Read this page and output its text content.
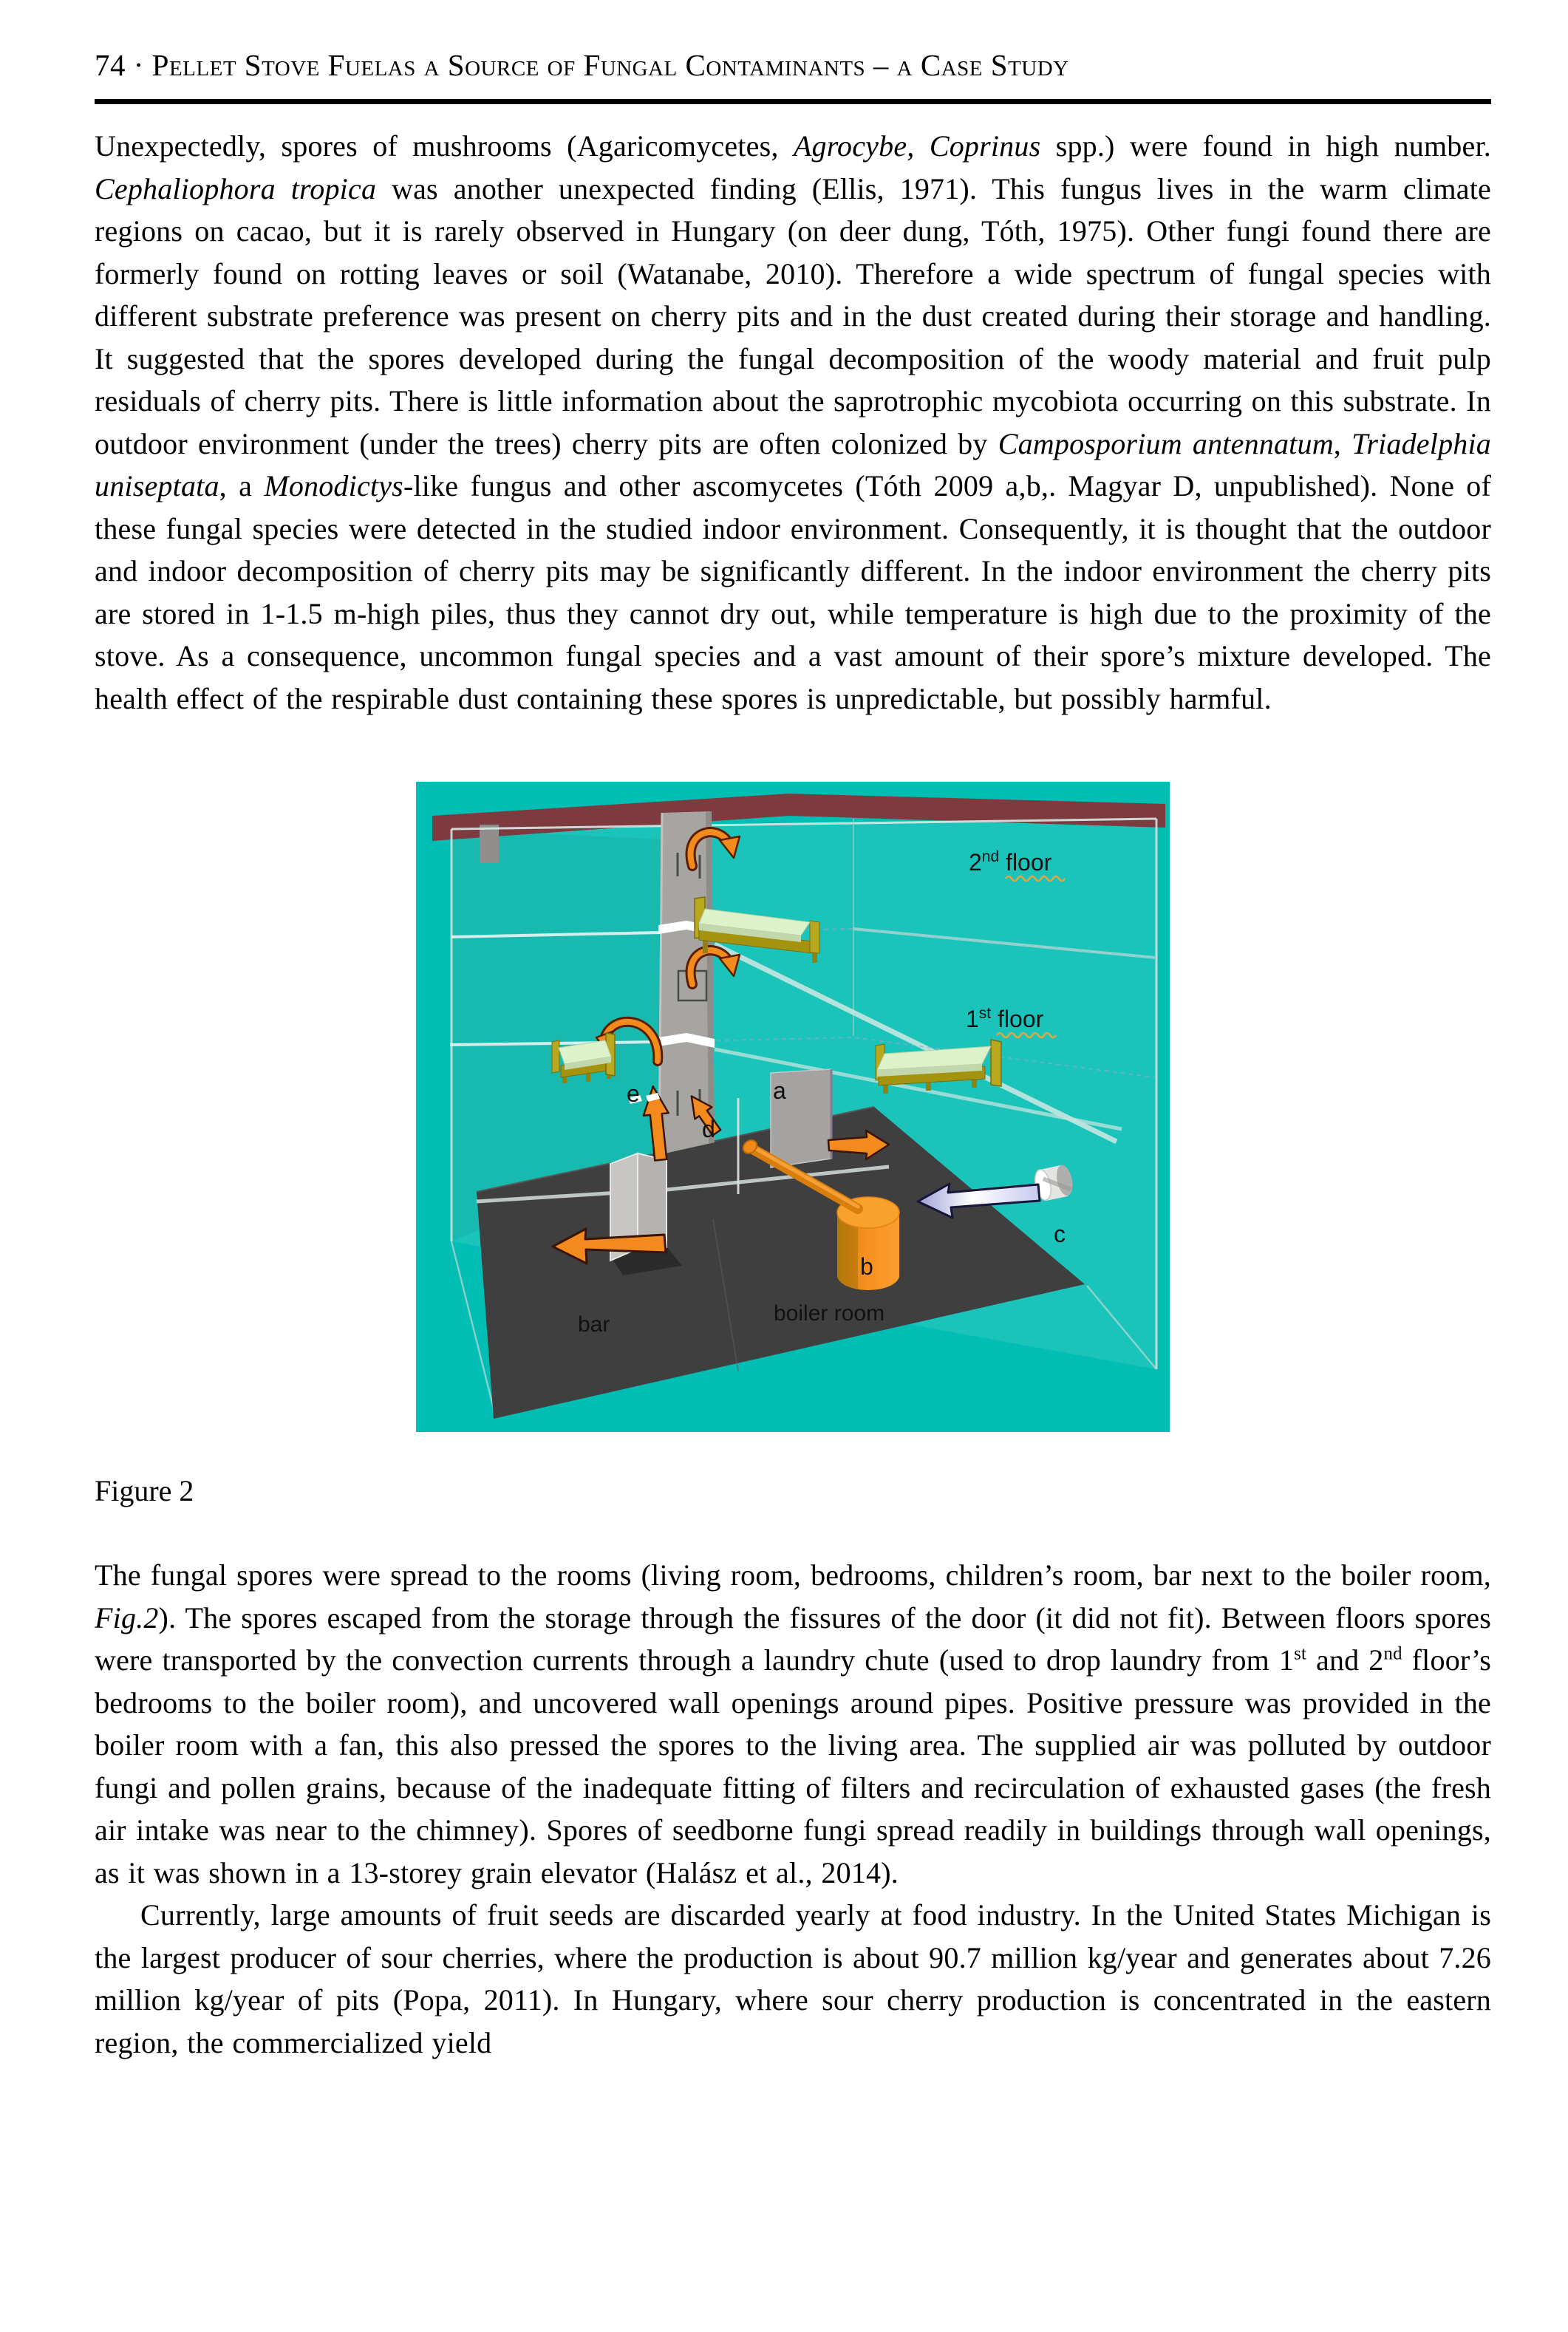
74 · Pellet Stove Fuelas a Source of Fungal Contaminants – a Case Study

Unexpectedly, spores of mushrooms (Agaricomycetes, Agrocybe, Coprinus spp.) were found in high number. Cephaliophora tropica was another unexpected finding (Ellis, 1971). This fungus lives in the warm climate regions on cacao, but it is rarely observed in Hungary (on deer dung, Tóth, 1975). Other fungi found there are formerly found on rotting leaves or soil (Watanabe, 2010). Therefore a wide spectrum of fungal species with different substrate preference was present on cherry pits and in the dust created during their storage and handling. It suggested that the spores developed during the fungal decomposition of the woody material and fruit pulp residuals of cherry pits. There is little information about the saprotrophic mycobiota occurring on this substrate. In outdoor environment (under the trees) cherry pits are often colonized by Camposporium antennatum, Triadelphia uniseptata, a Monodictys-like fungus and other ascomycetes (Tóth 2009 a,b,. Magyar D, unpublished). None of these fungal species were detected in the studied indoor environment. Consequently, it is thought that the outdoor and indoor decomposition of cherry pits may be significantly different. In the indoor environment the cherry pits are stored in 1-1.5 m-high piles, thus they cannot dry out, while temperature is high due to the proximity of the stove. As a consequence, uncommon fungal species and a vast amount of their spore’s mixture developed. The health effect of the respirable dust containing these spores is unpredictable, but possibly harmful.

2nd floor
1st floor
a
b
c
d
e
bar	boiler room

Figure 2

The fungal spores were spread to the rooms (living room, bedrooms, children’s room, bar next to the boiler room, Fig.2). The spores escaped from the storage through the fissures of the door (it did not fit). Between floors spores were transported by the convection currents through a laundry chute (used to drop laundry from 1st and 2nd floor’s bedrooms to the boiler room), and uncovered wall openings around pipes. Positive pressure was provided in the boiler room with a fan, this also pressed the spores to the living area. The supplied air was polluted by outdoor fungi and pollen grains, because of the inadequate fitting of filters and recirculation of exhausted gases (the fresh air intake was near to the chimney). Spores of seedborne fungi spread readily in buildings through wall openings, as it was shown in a 13-storey grain elevator (Halász et al., 2014).

Currently, large amounts of fruit seeds are discarded yearly at food industry. In the United States Michigan is the largest producer of sour cherries, where the production is about 90.7 million kg/year and generates about 7.26 million kg/year of pits (Popa, 2011). In Hungary, where sour cherry production is concentrated in the eastern region, the commercialized yield
